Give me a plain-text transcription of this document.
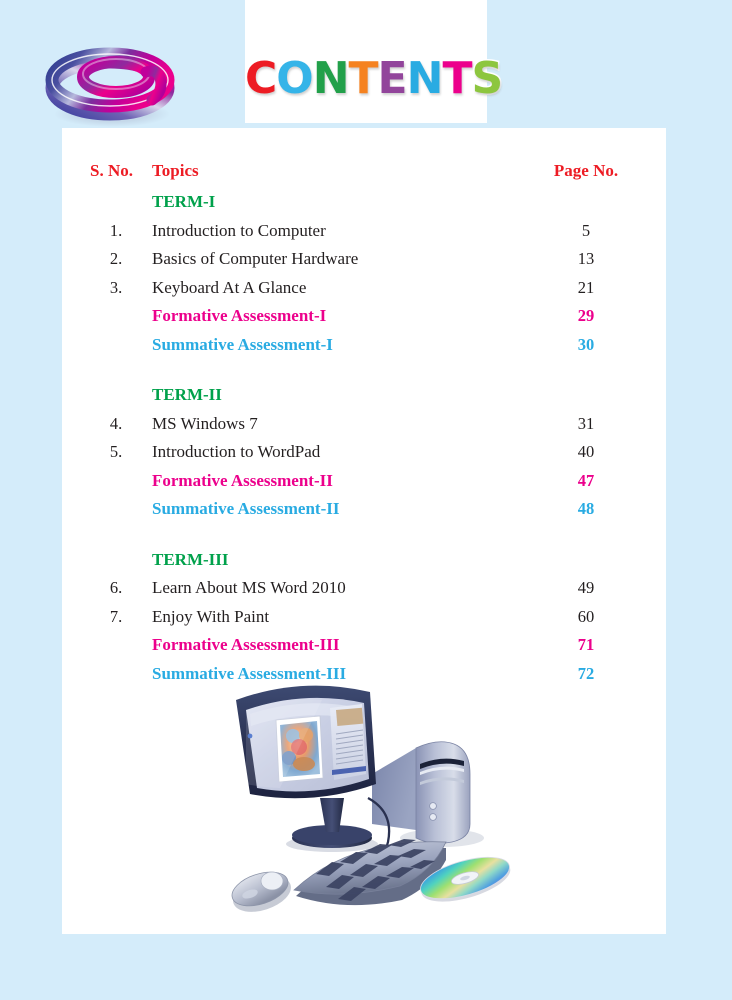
CONTENTS
S. No.	Topics	Page No.
TERM-I
1.	Introduction to Computer	5
2.	Basics of Computer Hardware	13
3.	Keyboard At A Glance	21
Formative Assessment-I	29
Summative Assessment-I	30
TERM-II
4.	MS Windows 7	31
5.	Introduction to WordPad	40
Formative Assessment-II	47
Summative Assessment-II	48
TERM-III
6.	Learn About MS Word 2010	49
7.	Enjoy With Paint	60
Formative Assessment-III	71
Summative Assessment-III	72
